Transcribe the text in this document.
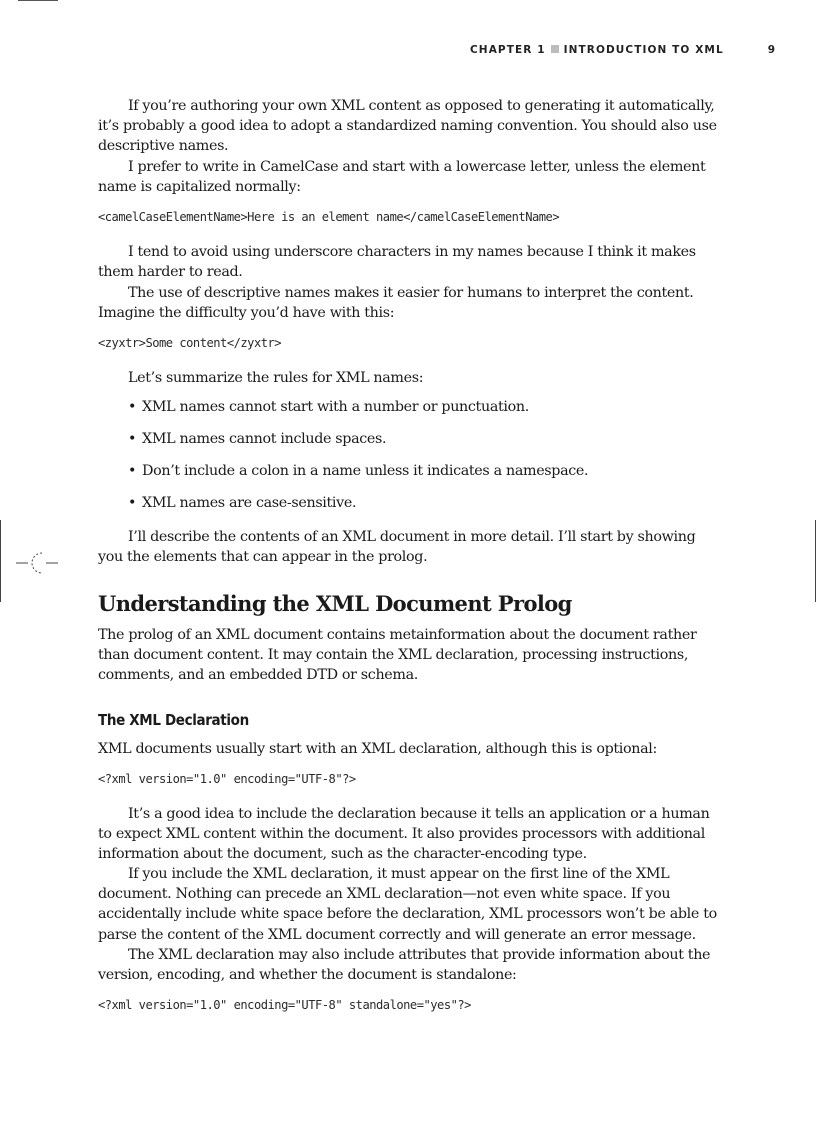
CHAPTER 1 INTRODUCTION TO XML	9
If you’re authoring your own XML content as opposed to generating it automatically, it’s probably a good idea to adopt a standardized naming convention. You should also use descriptive names.
I prefer to write in CamelCase and start with a lowercase letter, unless the element name is capitalized normally:
<camelCaseElementName>Here is an element name</camelCaseElementName>
I tend to avoid using underscore characters in my names because I think it makes them harder to read.
The use of descriptive names makes it easier for humans to interpret the content. Imagine the difficulty you’d have with this:
<zyxtr>Some content</zyxtr>
Let’s summarize the rules for XML names:
• XML names cannot start with a number or punctuation.
• XML names cannot include spaces.
• Don’t include a colon in a name unless it indicates a namespace.
• XML names are case-sensitive.
I’ll describe the contents of an XML document in more detail. I’ll start by showing you the elements that can appear in the prolog.
Understanding the XML Document Prolog
The prolog of an XML document contains metainformation about the document rather than document content. It may contain the XML declaration, processing instructions, comments, and an embedded DTD or schema.
The XML Declaration
XML documents usually start with an XML declaration, although this is optional:
<?xml version="1.0" encoding="UTF-8"?>
It’s a good idea to include the declaration because it tells an application or a human to expect XML content within the document. It also provides processors with additional information about the document, such as the character-encoding type.
If you include the XML declaration, it must appear on the first line of the XML document. Nothing can precede an XML declaration—not even white space. If you accidentally include white space before the declaration, XML processors won’t be able to parse the content of the XML document correctly and will generate an error message.
The XML declaration may also include attributes that provide information about the version, encoding, and whether the document is standalone:
<?xml version="1.0" encoding="UTF-8" standalone="yes"?>
